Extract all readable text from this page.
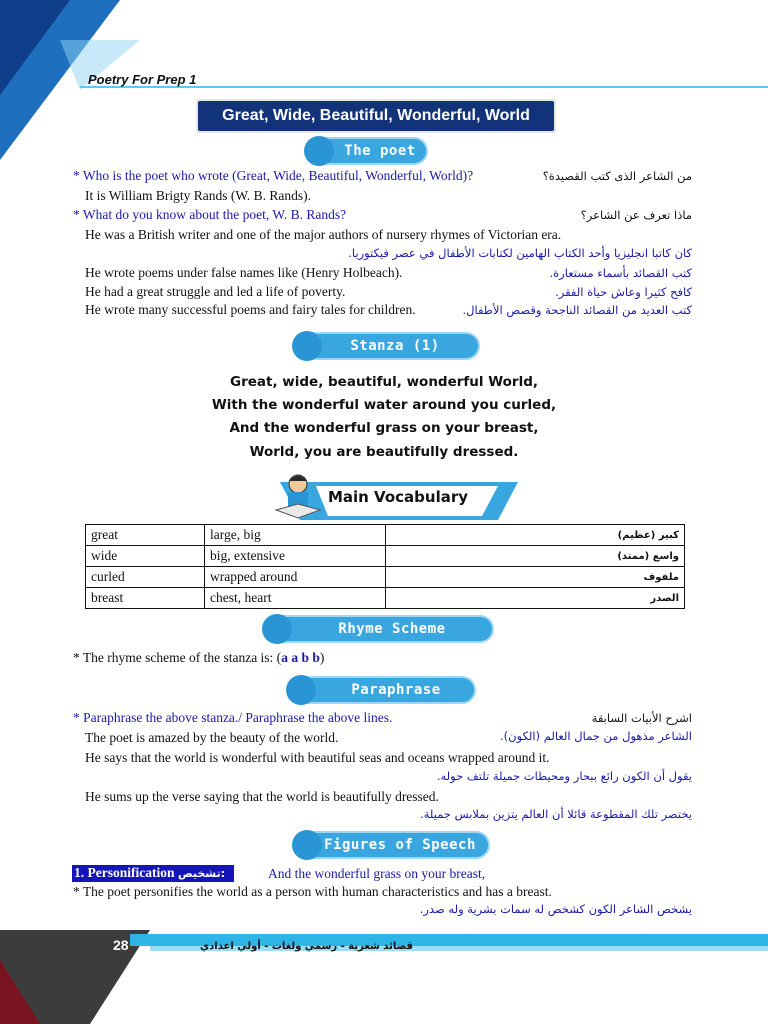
Poetry For Prep 1
Great, Wide, Beautiful, Wonderful, World
The poet
* Who is the poet who wrote (Great, Wide, Beautiful, Wonderful, World)?	من الشاعر الذى كتب القصيدة؟
It is William Brigty Rands (W. B. Rands).
* What do you know about the poet, W. B. Rands?	ماذا تعرف عن الشاعر؟
He was a British writer and one of the major authors of nursery rhymes of Victorian era.
كان كاتبا انجليزيا وأحد الكتاب الهامين لكتابات الأطفال في عصر فيكتوريا.
He wrote poems under false names like (Henry Holbeach).	كتب القصائد بأسماء مستعارة.
He had a great struggle and led a life of poverty.	كافح كثيرا وعاش حياة الفقر.
He wrote many successful poems and fairy tales for children.	كتب العديد من القصائد الناجحة وقصص الأطفال.
Stanza (1)
Great, wide, beautiful, wonderful World,
With the wonderful water around you curled,
And the wonderful grass on your breast,
World, you are beautifully dressed.
Main Vocabulary
great	large, big	كبير (عظيم)
wide	big, extensive	واسع (ممتد)
curled	wrapped around	ملفوف
breast	chest, heart	الصدر
Rhyme Scheme
* The rhyme scheme of the stanza is: (a a b b)
Paraphrase
* Paraphrase the above stanza./ Paraphrase the above lines.	اشرح الأبيات السابقة
The poet is amazed by the beauty of the world.	الشاعر مذهول من جمال العالم (الكون).
He says that the world is wonderful with beautiful seas and oceans wrapped around it.
يقول أن الكون رائع ببحار ومحيطات جميلة تلتف حوله.
He sums up the verse saying that the world is beautifully dressed.
يختصر تلك المقطوعة قائلا أن العالم يتزين بملابس جميلة.
Figures of Speech
1. Personification تشخيص:	And the wonderful grass on your breast,
* The poet personifies the world as a person with human characteristics and has a breast.
يشخص الشاعر الكون كشخص له سمات بشرية وله صدر.
28	قصائد شعرية - رسمي ولغات - أولي اعدادي
